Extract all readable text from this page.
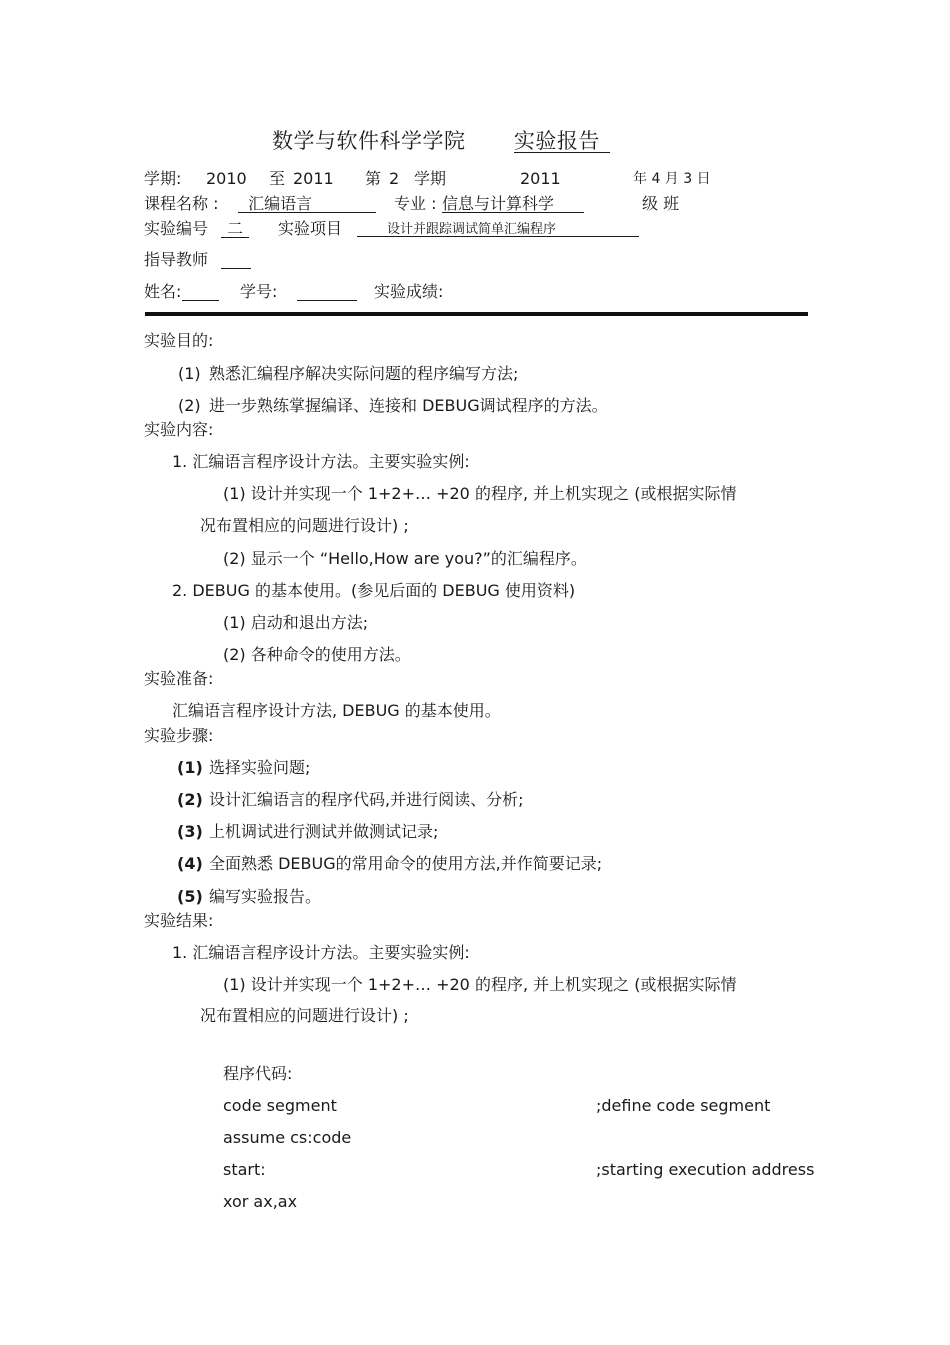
数学与软件科学学院 实验报告
学期: 2010 至 2011 第 2 学期	2011	年 4 月 3 日
课程名称 :	汇编语言	专业 : 信息与计算科学	级 班
实验编号	二	实验项目	设计并跟踪调试简单汇编程序
指导教师
姓名:	学号:	实验成绩:
实验目的:
(1) 熟悉汇编程序解决实际问题的程序编写方法;
(2) 进一步熟练掌握编译、连接和 DEBUG调试程序的方法。
实验内容:
1. 汇编语言程序设计方法。主要实验实例:
(1) 设计并实现一个 1+2+… +20 的程序, 并上机实现之 (或根据实际情
况布置相应的问题进行设计) ;
(2) 显示一个 “Hello,How are you?”的汇编程序。
2. DEBUG 的基本使用。(参见后面的 DEBUG 使用资料)
(1) 启动和退出方法;
(2) 各种命令的使用方法。
实验准备:
汇编语言程序设计方法, DEBUG 的基本使用。
实验步骤:
(1) 选择实验问题;
(2) 设计汇编语言的程序代码,并进行阅读、分析;
(3) 上机调试进行测试并做测试记录;
(4) 全面熟悉 DEBUG的常用命令的使用方法,并作简要记录;
(5) 编写实验报告。
实验结果:
1. 汇编语言程序设计方法。主要实验实例:
(1) 设计并实现一个 1+2+… +20 的程序, 并上机实现之 (或根据实际情
况布置相应的问题进行设计) ;
程序代码:
code segment	;define code segment
assume cs:code
start:	;starting execution address
xor ax,ax
